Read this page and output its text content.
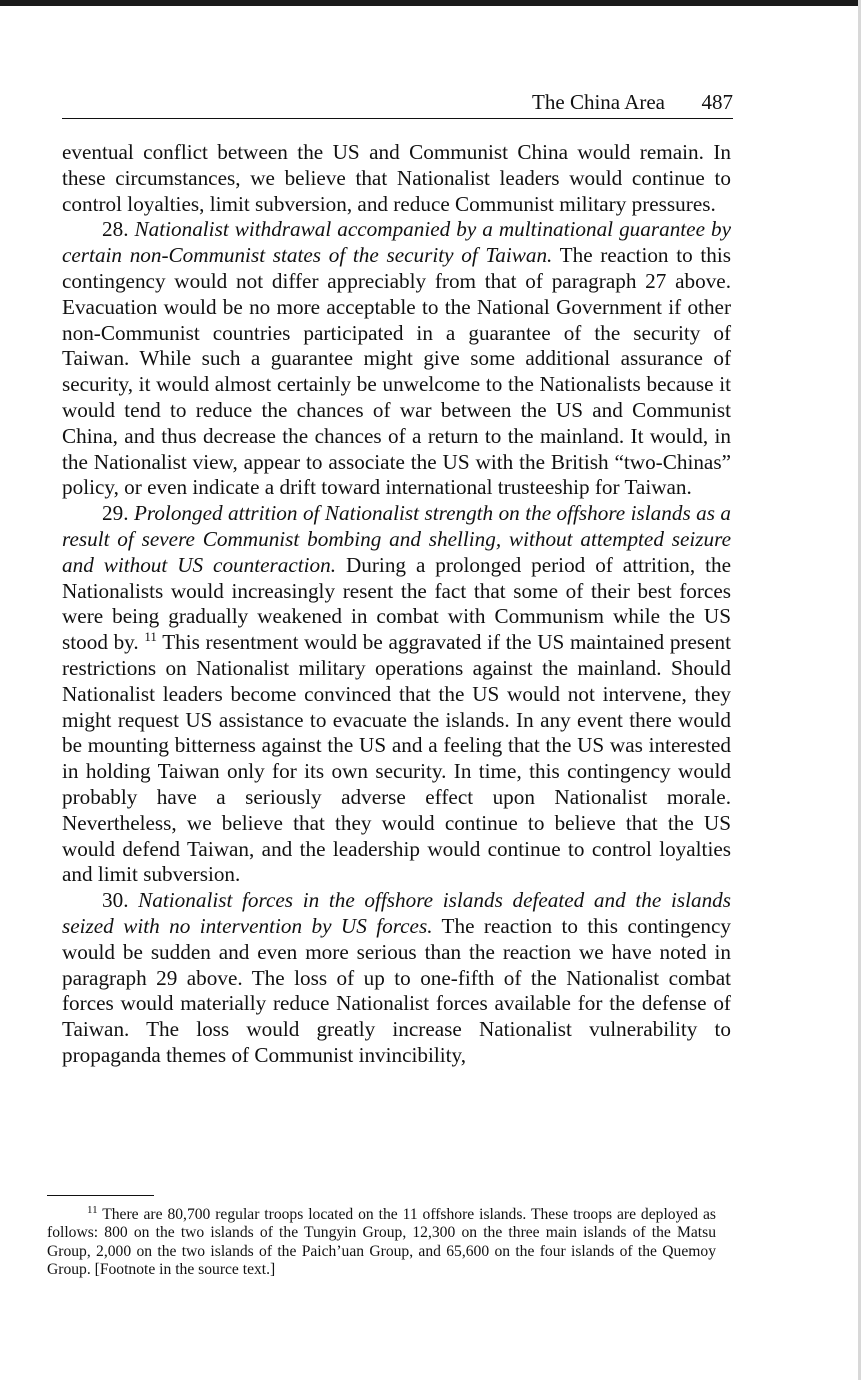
The China Area 487

eventual conflict between the US and Communist China would remain. In these circumstances, we believe that Nationalist leaders would continue to control loyalties, limit subversion, and reduce Communist military pressures.

28. Nationalist withdrawal accompanied by a multinational guarantee by certain non-Communist states of the security of Taiwan. The reaction to this contingency would not differ appreciably from that of paragraph 27 above. Evacuation would be no more acceptable to the National Government if other non-Communist countries participated in a guarantee of the security of Taiwan. While such a guarantee might give some additional assurance of security, it would almost certainly be unwelcome to the Nationalists because it would tend to reduce the chances of war between the US and Communist China, and thus decrease the chances of a return to the mainland. It would, in the Nationalist view, appear to associate the US with the British “two-Chinas” policy, or even indicate a drift toward international trusteeship for Taiwan.

29. Prolonged attrition of Nationalist strength on the offshore islands as a result of severe Communist bombing and shelling, without attempted seizure and without US counteraction. During a prolonged period of attrition, the Nationalists would increasingly resent the fact that some of their best forces were being gradually weakened in combat with Communism while the US stood by. $^{11}$ This resentment would be aggravated if the US maintained present restrictions on Nationalist military operations against the mainland. Should Nationalist leaders become convinced that the US would not intervene, they might request US assistance to evacuate the islands. In any event there would be mounting bitterness against the US and a feeling that the US was interested in holding Taiwan only for its own security. In time, this contingency would probably have a seriously adverse effect upon Nationalist morale. Nevertheless, we believe that they would continue to believe that the US would defend Taiwan, and the leadership would continue to control loyalties and limit subversion.

30. Nationalist forces in the offshore islands defeated and the islands seized with no intervention by US forces. The reaction to this contingency would be sudden and even more serious than the reaction we have noted in paragraph 29 above. The loss of up to one-fifth of the Nationalist combat forces would materially reduce Nationalist forces available for the defense of Taiwan. The loss would greatly increase Nationalist vulnerability to propaganda themes of Communist invincibility,

$^{11}$ There are 80,700 regular troops located on the 11 offshore islands. These troops are deployed as follows: 800 on the two islands of the Tungyin Group, 12,300 on the three main islands of the Matsu Group, 2,000 on the two islands of the Paich’uan Group, and 65,600 on the four islands of the Quemoy Group. [Footnote in the source text.]
